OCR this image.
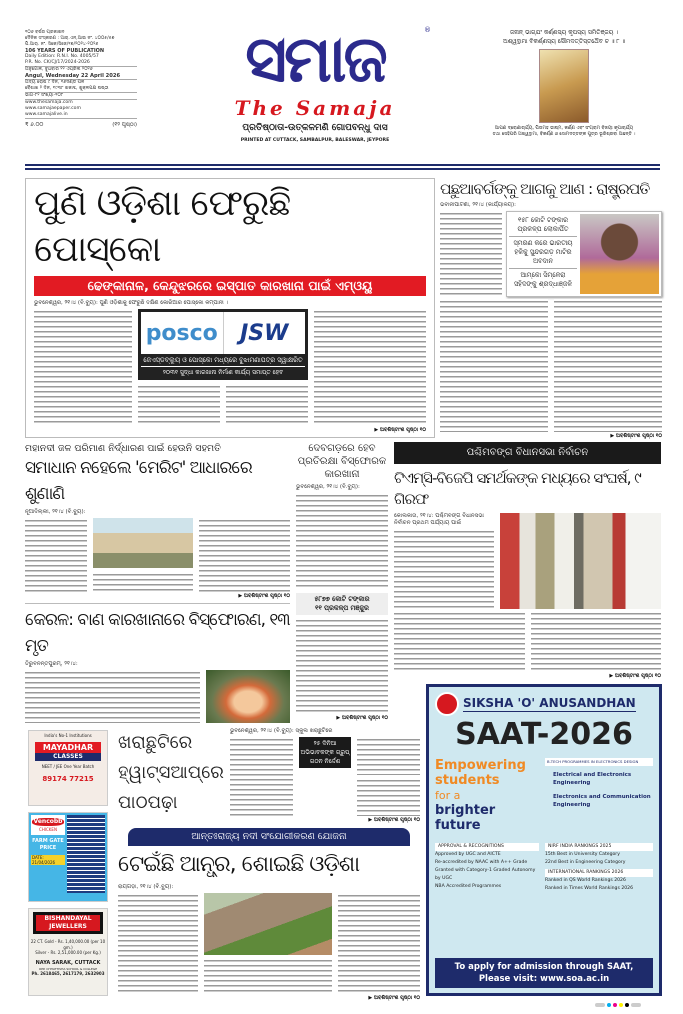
୧୦୬ ବର୍ଷର ପ୍ରକାଶନ
ଦୈନିକ ସଂସ୍କରଣ : ଆର୍.ଏନ୍.ଆଇ ନଂ. ୪୦୦୫/୫୭
ପି.ଆର୍. ନଂ. ସିକେ/ସିଜେ/୧୭/୨୦୨୪-୨୦୨୬
106 YEARS OF PUBLICATION
Daily Edition: R.N.I. No. 4005/57
P.R. No. CK/CJ/17/2024-2026
ଅନୁଗୋଳ, ବୁଧବାର ୨୨ ଏପ୍ରିଲ ୨୦୨୬
Angul, Wednesday 22 April 2026
ଅଦ୍ୟ ରୋଷ ୯ ଦିନ, ୧୬ଦଣ୍ଡ ପଳ
ବୈଶାଖ ୨ ଦିନ, ୧୯୩୮ ଶକାବ୍ଦ, ଶୁକ୍ଳପକ୍ଷ ଷଷ୍ଠୀ
ଭାଗ-୮୨ ସଂଖ୍ୟା-୧୦୮
www.thesamaja.com
www.samajaepaper.com
www.samajalive.in
₹ ୬.୦୦	(୧୨ ପୃଷ୍ଠା)
ସମାଜ	®
The Samaja
ପ୍ରତିଷ୍ଠାତା-ଉତ୍କଳମଣି ଗୋପବନ୍ଧୁ ଦାସ
PRINTED AT CUTTACK, SAMBALPUR, BALESWAR, JEYPORE
ଜନାନ୍ ଭାଗ୍ଯଂ କର୍ଣ୍ଣସ୍ୟ କୃପସ୍ୟ ସମିତିଞ୍ଜୟ ।
ଅଶ୍ୱତ୍ଥାମା ବିକର୍ଣ୍ଣସ୍ୟ ସୌମଦତ୍ତିସ୍ତଥୈବ ଚ ॥ ୮ ॥
ଆପଣ ଦ୍ରୋଣାଚାର୍ଯ୍ୟ, ପିତାମହ ଭୀଷ୍ମ, କର୍ଣ୍ଣ ଏବଂ ସଂଗ୍ରାମ ବିଜୟୀ କୃପାଚାର୍ଯ୍ୟ
ତଥା ସେହିପରି ଅଶ୍ୱତ୍ଥାମା, ବିକର୍ଣ୍ଣ ଓ ସୋମଦତ୍ତଙ୍କ ପୁତ୍ର ଭୂରିଶ୍ରବା ଅଛନ୍ତି ।
ପୁଣି ଓଡ଼ିଶା ଫେରୁଛି ପୋସ୍କୋ
ଢେଙ୍କାନାଳ, କେନ୍ଦୁଝରରେ ଇସ୍ପାତ କାରଖାନା ପାଇଁ ଏମ୍ଓୟୁ
ଭୁବନେଶ୍ୱର, ୨୧।୪ (ବି.ବ୍ୟୁ): ପୁଣି ଓଡ଼ିଶାକୁ ଫେରୁଛି ଦକ୍ଷିଣ କୋରିଆର ପୋସ୍କୋ କମ୍ପାନୀ ।
posco	JSW
ଜେଏସ୍‌ଡବ୍ଲ୍ୟୁ ଓ ପୋସ୍କୋ ମଧ୍ୟରେ ବୁଝାମଣାପତ୍ର ସ୍ୱାକ୍ଷରିତ
୨୦୩୧ ସୁଦ୍ଧା କାରଖାନା ନିର୍ମାଣ କାର୍ଯ୍ୟ ସମାପ୍ତ ହେବ
▶ ଅବଶିଷ୍ଟାଂଶ ପୃଷ୍ଠା ୧୦
ପଛୁଆବର୍ଗଙ୍କୁ ଆଗକୁ ଆଣ : ରାଷ୍ଟ୍ରପତି
ଭବାନୀପାଟଣା, ୨୧।୪ (କାର୍ଯ୍ୟାଳୟ):
୧୫୮ କୋଟି ଟଙ୍କାର ପ୍ରକଳ୍ପ ଲୋକାର୍ପିତ
ସ୍ମରଣ କରେ ଭାରତୀୟ ହକିକୁ ସୁନ୍ଦରଗଡ଼ ମାଟିର ଅବଦାନ
ଆମ୍‌କୋ ସିମ୍‌ଳେରା ସହିଦଙ୍କୁ ଶ୍ରଦ୍ଧାଞ୍ଜଳି
▶ ଅବଶିଷ୍ଟାଂଶ ପୃଷ୍ଠା ୧୦
ମହାନଦୀ ଜଳ ପରିମାଣ ନିର୍ଦ୍ଧାରଣ ପାଇଁ ହେଉନି ସହମତି
ସମାଧାନ ନହେଲେ 'ମେରିଟ' ଆଧାରରେ ଶୁଣାଣି
ନୂଆଦିଲ୍ଲୀ, ୨୧।୪ (ବି.ବ୍ୟୁ):
▶ ଅବଶିଷ୍ଟାଂଶ ପୃଷ୍ଠା ୧୦
ଦେବଗଡ଼ରେ ହେବ ପ୍ରତିରକ୍ଷା ବିସ୍ଫୋରକ କାରଖାନା
ଭୁବନେଶ୍ୱର, ୨୧।୪ (ବି.ବ୍ୟୁ):
୫୮୭୭ କୋଟି ଟଙ୍କାର
୧୧ ପ୍ରକଳ୍ପ ମଞ୍ଜୁର
▶ ଅବଶିଷ୍ଟାଂଶ ପୃଷ୍ଠା ୧୦
ପଶ୍ଚିମବଙ୍ଗ ବିଧାନସଭା ନିର୍ବାଚନ
ଟିଏମ୍‌ସି-ବିଜେପି ସମର୍ଥକଙ୍କ ମଧ୍ୟରେ ସଂଘର୍ଷ, ୯ ଗିରଫ
କୋଲକାତା, ୨୧।୪: ପଶ୍ଚିମବଙ୍ଗ ବିଧାନସଭା ନିର୍ବାଚନ ପ୍ରଥମ ପର୍ଯ୍ୟାୟ ପାଇଁ
▶ ଅବଶିଷ୍ଟାଂଶ ପୃଷ୍ଠା ୧୦
କେରଳ: ବାଣ କାରଖାନାରେ ବିସ୍ଫୋରଣ, ୧୩ ମୃତ
ତିରୁବନନ୍ତପୁରମ୍, ୨୧।୪:
India's No-1 Institutions
MAYADHAR
CLASSES
NEET / JEE One Year Batch
89174 77215
Vencobb
CHICKEN
FARM GATE PRICE
DATE: 21/04/2026
BISHANDAYAL
JEWELLERS
22 CT. Gold - Rs. 1,40,000.00 (per 10 gm.)
Silver - Rs. 2,51,000.00 (per Kg.)
NAYA SARAK, CUTTACK
OPP. CHHATTISHA SCHOOL & COLLEGE
Ph. 2618465, 2617179, 2632903
ଖରାଛୁଟିରେ
ହ୍ୱାଟ୍‌ସଆପ୍‌ରେ
ପାଠପଢ଼ା
ଭୁବନେଶ୍ୱର, ୨୧।୪ (ବି.ବ୍ୟୁ): ସ୍କୁଲ ଖରାଛୁଟିରେ
୨୫ ଦିନିଆ
ଅଭିଭାବକଙ୍କ ଗ୍ରୁପ୍
ଗଠନ ନିର୍ଦ୍ଦେଶ
▶ ଅବଶିଷ୍ଟାଂଶ ପୃଷ୍ଠା ୧୦
ଆନ୍ତଃରାଜ୍ୟ ନଦୀ ସଂଯୋଗୀକରଣ ଯୋଜନା
ଟେଇଁଛି ଆନ୍ଧ୍ର, ଶୋଇଛି ଓଡ଼ିଶା
ରାୟଗଡ଼ା, ୨୧।୪ (ବି.ବ୍ୟୁ):
▶ ଅବଶିଷ୍ଟାଂଶ ପୃଷ୍ଠା ୧୦
SIKSHA 'O' ANUSANDHAN
SAAT-2026
Empowering
students
for a
brighter future
B.TECH PROGRAMMES IN ELECTRONICS DESIGN
Electrical and Electronics Engineering
Electronics and Communication Engineering
APPROVAL & RECOGNITIONS
Approved by UGC and AICTE
Re-accredited by NAAC with A++ Grade
Granted with Category-1 Graded Autonomy by UGC
NBA Accredited Programmes
NIRF INDIA RANKINGS 2025
15th Best in University Category
22nd Best in Engineering Category
INTERNATIONAL RANKINGS 2026
Ranked in QS World Rankings 2026
Ranked in Times World Rankings 2026
To apply for admission through SAAT,
Please visit: www.soa.ac.in
